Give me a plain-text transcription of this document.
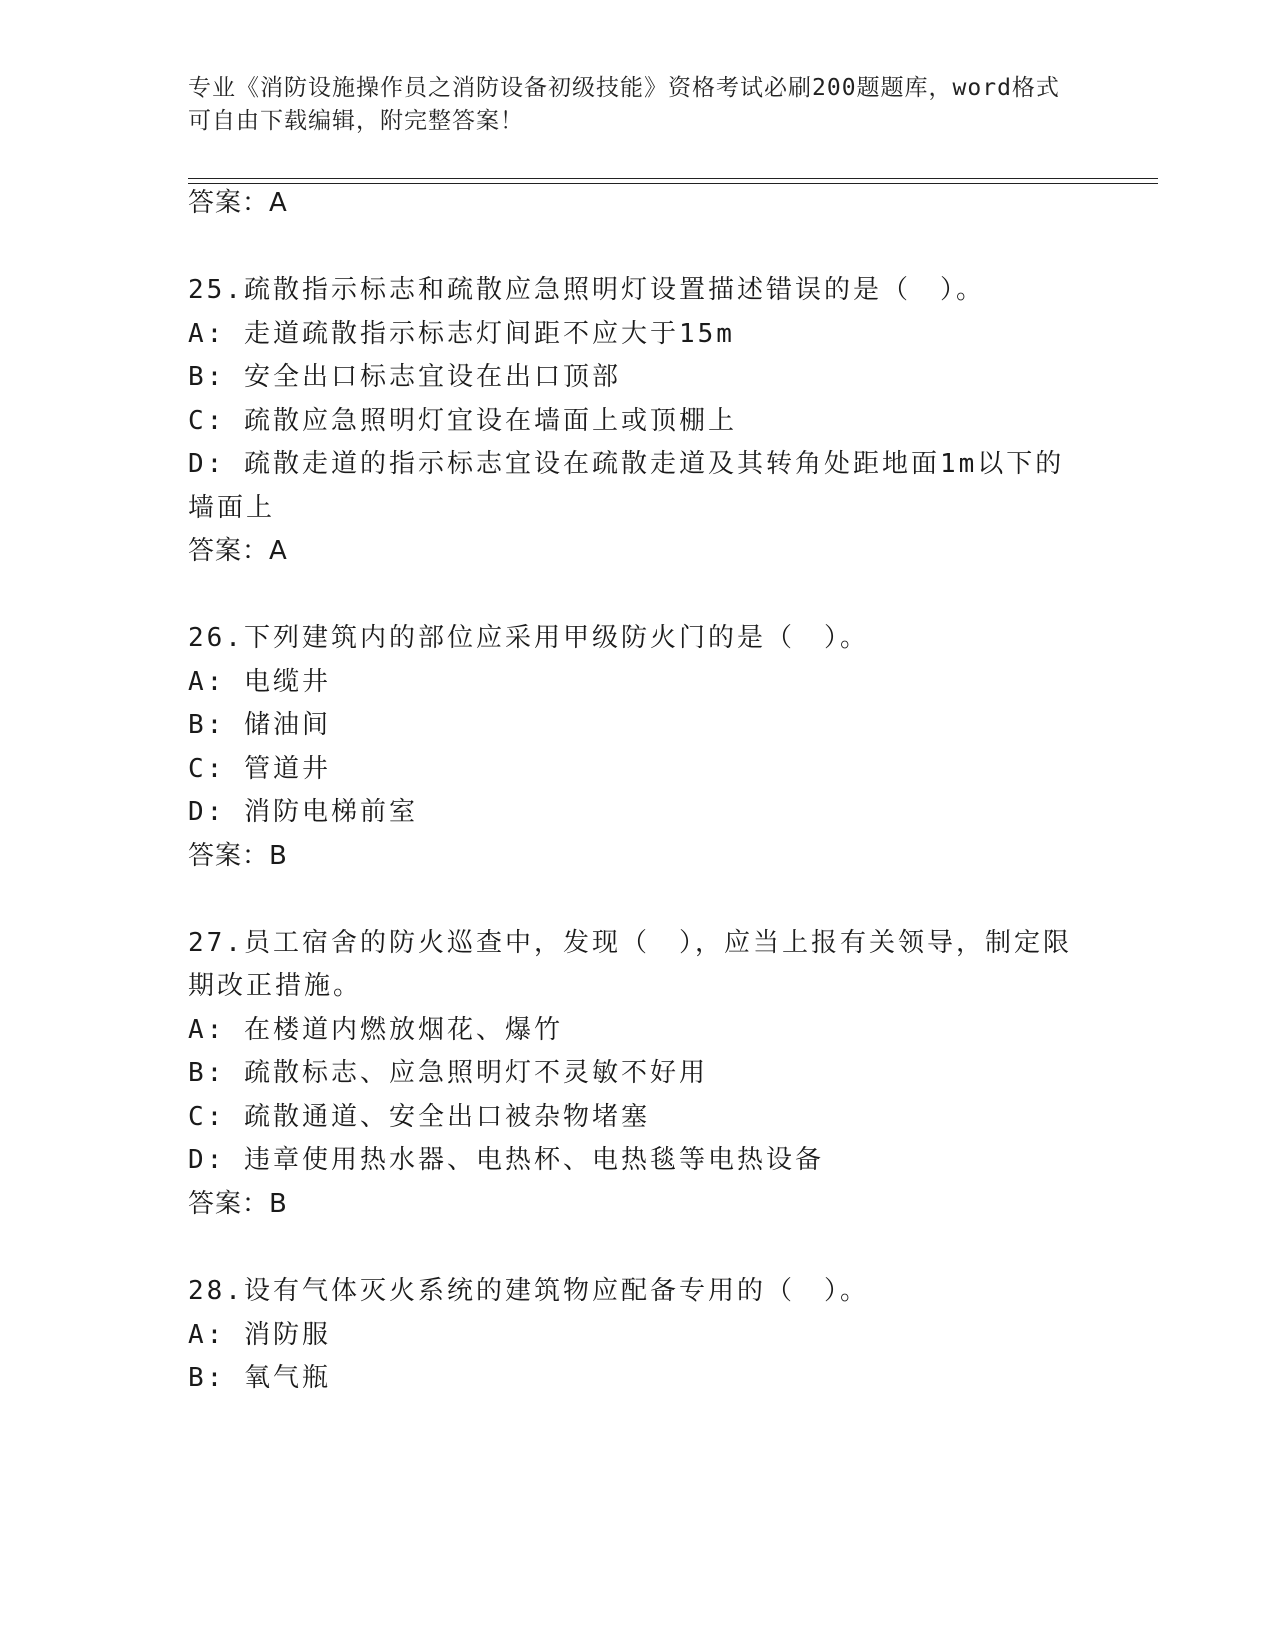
专业《消防设施操作员之消防设备初级技能》资格考试必刷200题题库，word格式可自由下载编辑，附完整答案！
答案：A
25.疏散指示标志和疏散应急照明灯设置描述错误的是（　）。
A: 走道疏散指示标志灯间距不应大于15m
B: 安全出口标志宜设在出口顶部
C: 疏散应急照明灯宜设在墙面上或顶棚上
D: 疏散走道的指示标志宜设在疏散走道及其转角处距地面1m以下的
墙面上
答案：A
26.下列建筑内的部位应采用甲级防火门的是（　）。
A: 电缆井
B: 储油间
C: 管道井
D: 消防电梯前室
答案：B
27.员工宿舍的防火巡查中，发现（　），应当上报有关领导，制定限
期改正措施。
A: 在楼道内燃放烟花、爆竹
B: 疏散标志、应急照明灯不灵敏不好用
C: 疏散通道、安全出口被杂物堵塞
D: 违章使用热水器、电热杯、电热毯等电热设备
答案：B
28.设有气体灭火系统的建筑物应配备专用的（　）。
A: 消防服
B: 氧气瓶
